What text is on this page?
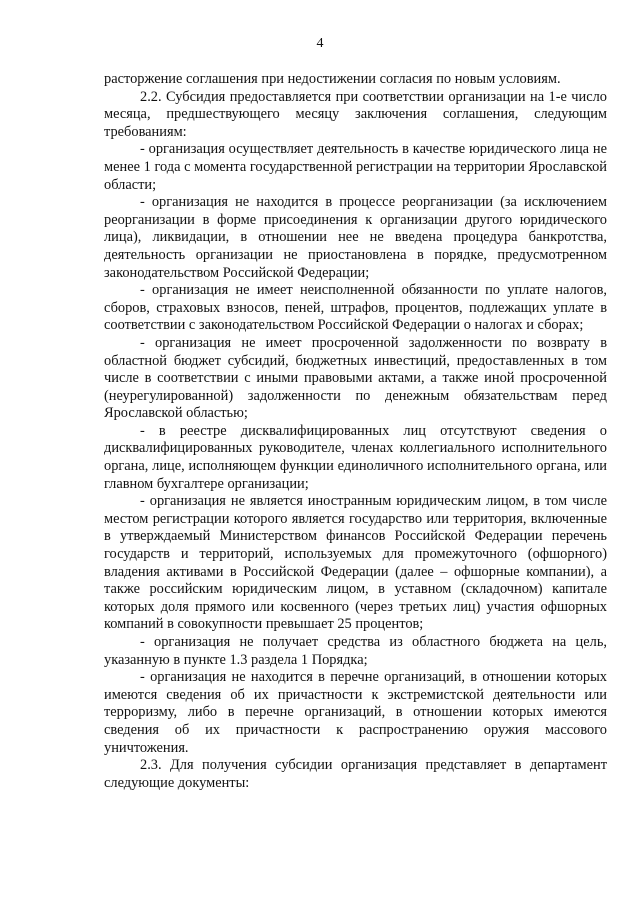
4

расторжение соглашения при недостижении согласия по новым условиям.

2.2. Субсидия предоставляется при соответствии организации на 1-е число месяца, предшествующего месяцу заключения соглашения, следующим требованиям:

- организация осуществляет деятельность в качестве юридического лица не менее 1 года с момента государственной регистрации на территории Ярославской области;

- организация не находится в процессе реорганизации (за исключением реорганизации в форме присоединения к организации другого юридического лица), ликвидации, в отношении нее не введена процедура банкротства, деятельность организации не приостановлена в порядке, предусмотренном законодательством Российской Федерации;

- организация не имеет неисполненной обязанности по уплате налогов, сборов, страховых взносов, пеней, штрафов, процентов, подлежащих уплате в соответствии с законодательством Российской Федерации о налогах и сборах;

- организация не имеет просроченной задолженности по возврату в областной бюджет субсидий, бюджетных инвестиций, предоставленных в том числе в соответствии с иными правовыми актами, а также иной просроченной (неурегулированной) задолженности по денежным обязательствам перед Ярославской областью;

- в реестре дисквалифицированных лиц отсутствуют сведения о дисквалифицированных руководителе, членах коллегиального исполнительного органа, лице, исполняющем функции единоличного исполнительного органа, или главном бухгалтере организации;

- организация не является иностранным юридическим лицом, в том числе местом регистрации которого является государство или территория, включенные в утверждаемый Министерством финансов Российской Федерации перечень государств и территорий, используемых для промежуточного (офшорного) владения активами в Российской Федерации (далее – офшорные компании), а также российским юридическим лицом, в уставном (складочном) капитале которых доля прямого или косвенного (через третьих лиц) участия офшорных компаний в совокупности превышает 25 процентов;

- организация не получает средства из областного бюджета на цель, указанную в пункте 1.3 раздела 1 Порядка;

- организация не находится в перечне организаций, в отношении которых имеются сведения об их причастности к экстремистской деятельности или терроризму, либо в перечне организаций, в отношении которых имеются сведения об их причастности к распространению оружия массового уничтожения.

2.3. Для получения субсидии организация представляет в департамент следующие документы:
